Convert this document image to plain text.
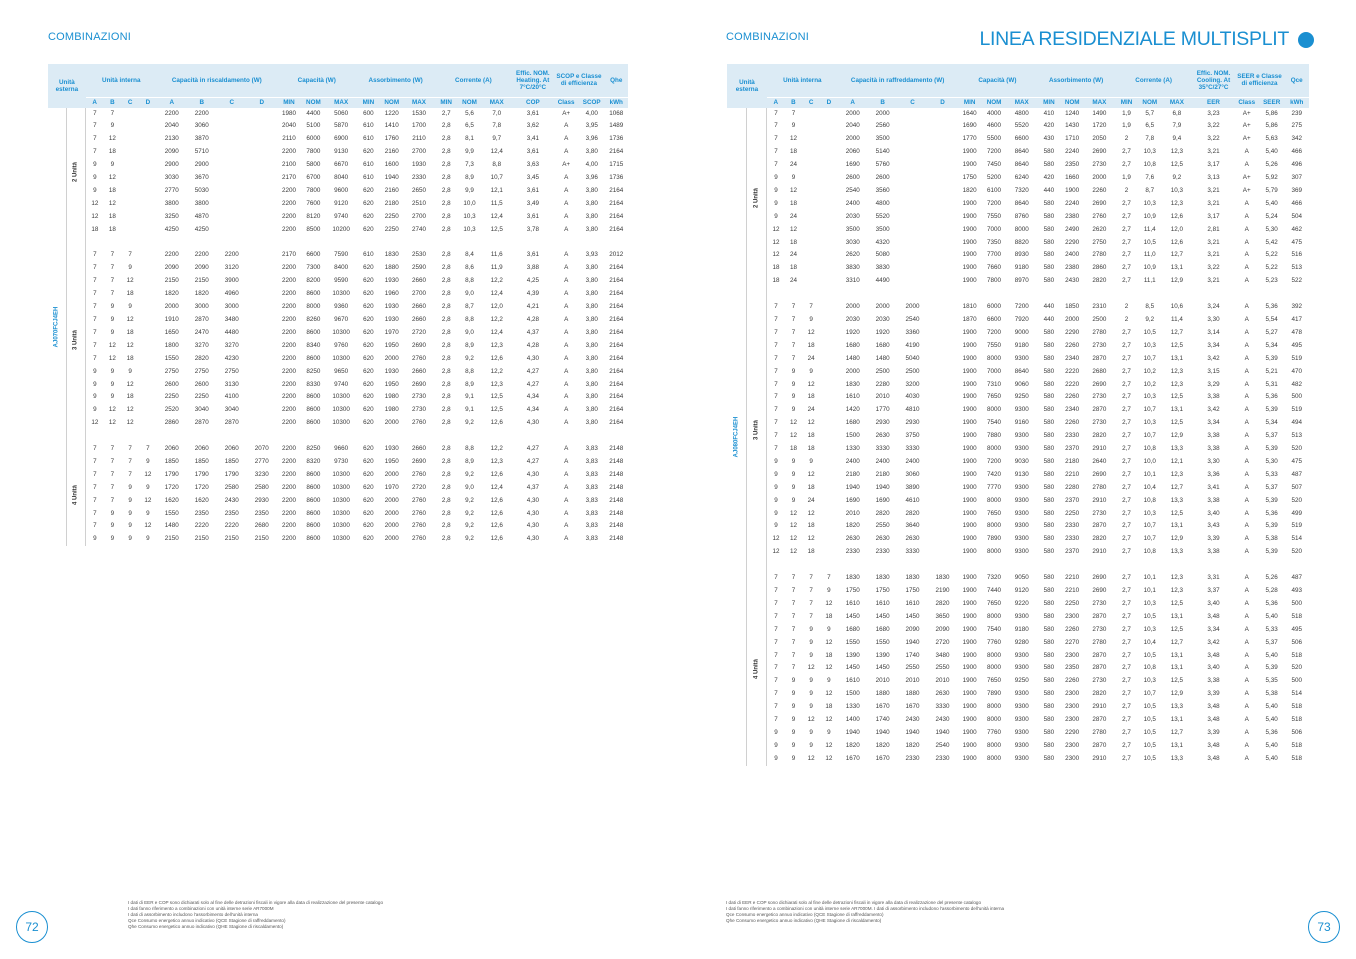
COMBINAZIONI
Unità esterna		Unità interna				Capacità in riscaldamento (W)				Capacità (W)			Assorbimento (W)			Corrente (A)			Effic. NOM. Heating. At 7°C/20°C	SCOP e Classe di efficienza		Qhe
		A	B	C	D	A	B	C	D	MIN	NOM	MAX	MIN	NOM	MAX	MIN	NOM	MAX	COP	Class	SCOP	kWh

AJ070FCJ4EH	2 Unità	7	7			2200	2200			1980	4400	5060	600	1220	1530	2,7	5,6	7,0	3,61	A+	4,00	1068
		7	9			2040	3060			2040	5100	5870	610	1410	1700	2,8	6,5	7,8	3,62	A	3,95	1489
		7	12			2130	3870			2110	6000	6900	610	1760	2110	2,8	8,1	9,7	3,41	A	3,96	1736
		7	18			2090	5710			2200	7800	9130	620	2160	2700	2,8	9,9	12,4	3,61	A	3,80	2164
		9	9			2900	2900			2100	5800	6670	610	1600	1930	2,8	7,3	8,8	3,63	A+	4,00	1715
		9	12			3030	3670			2170	6700	8040	610	1940	2330	2,8	8,9	10,7	3,45	A	3,96	1736
		9	18			2770	5030			2200	7800	9600	620	2160	2650	2,8	9,9	12,1	3,61	A	3,80	2164
		12	12			3800	3800			2200	7600	9120	620	2180	2510	2,8	10,0	11,5	3,49	A	3,80	2164
		12	18			3250	4870			2200	8120	9740	620	2250	2700	2,8	10,3	12,4	3,61	A	3,80	2164
		18	18			4250	4250			2200	8500	10200	620	2250	2740	2,8	10,3	12,5	3,78	A	3,80	2164

	3 Unità	7	7	7		2200	2200	2200		2170	6600	7590	610	1830	2530	2,8	8,4	11,6	3,61	A	3,93	2012
		7	7	9		2090	2090	3120		2200	7300	8400	620	1880	2590	2,8	8,6	11,9	3,88	A	3,80	2164
		7	7	12		2150	2150	3900		2200	8200	9590	620	1930	2660	2,8	8,8	12,2	4,25	A	3,80	2164
		7	7	18		1820	1820	4960		2200	8600	10300	620	1960	2700	2,8	9,0	12,4	4,39	A	3,80	2164
		7	9	9		2000	3000	3000		2200	8000	9360	620	1930	2660	2,8	8,7	12,0	4,21	A	3,80	2164
		7	9	12		1910	2870	3480		2200	8260	9670	620	1930	2660	2,8	8,8	12,2	4,28	A	3,80	2164
		7	9	18		1650	2470	4480		2200	8600	10300	620	1970	2720	2,8	9,0	12,4	4,37	A	3,80	2164
		7	12	12		1800	3270	3270		2200	8340	9760	620	1950	2690	2,8	8,9	12,3	4,28	A	3,80	2164
		7	12	18		1550	2820	4230		2200	8600	10300	620	2000	2760	2,8	9,2	12,6	4,30	A	3,80	2164
		9	9	9		2750	2750	2750		2200	8250	9650	620	1930	2660	2,8	8,8	12,2	4,27	A	3,80	2164
		9	9	12		2600	2600	3130		2200	8330	9740	620	1950	2690	2,8	8,9	12,3	4,27	A	3,80	2164
		9	9	18		2250	2250	4100		2200	8600	10300	620	1980	2730	2,8	9,1	12,5	4,34	A	3,80	2164
		9	12	12		2520	3040	3040		2200	8600	10300	620	1980	2730	2,8	9,1	12,5	4,34	A	3,80	2164
		12	12	12		2860	2870	2870		2200	8600	10300	620	2000	2760	2,8	9,2	12,6	4,30	A	3,80	2164

	4 Unità	7	7	7	7	2060	2060	2060	2070	2200	8250	9660	620	1930	2660	2,8	8,8	12,2	4,27	A	3,83	2148
		7	7	7	9	1850	1850	1850	2770	2200	8320	9730	620	1950	2690	2,8	8,9	12,3	4,27	A	3,83	2148
		7	7	7	12	1790	1790	1790	3230	2200	8600	10300	620	2000	2760	2,8	9,2	12,6	4,30	A	3,83	2148
		7	7	9	9	1720	1720	2580	2580	2200	8600	10300	620	1970	2720	2,8	9,0	12,4	4,37	A	3,83	2148
		7	7	9	12	1620	1620	2430	2930	2200	8600	10300	620	2000	2760	2,8	9,2	12,6	4,30	A	3,83	2148
		7	9	9	9	1550	2350	2350	2350	2200	8600	10300	620	2000	2760	2,8	9,2	12,6	4,30	A	3,83	2148
		7	9	9	12	1480	2220	2220	2680	2200	8600	10300	620	2000	2760	2,8	9,2	12,6	4,30	A	3,83	2148
		9	9	9	9	2150	2150	2150	2150	2200	8600	10300	620	2000	2760	2,8	9,2	12,6	4,30	A	3,83	2148

I dati di EER e COP sono dichiarati solo al fine delle detrazioni fiscali in vigore alla data di realizzazione del presente catalogo

I dati fanno riferimento a combinazioni con unità interne serie AR7000M

I dati di assorbimento includono l'assorbimento dell'unità interna

Qce Consumo energetico annuo indicativo (QCE Stagione di raffreddamento)

Qhe Consumo energetico annuo indicativo (QHE Stagione di riscaldamento)

72
COMBINAZIONI	LINEA RESIDENZIALE MULTISPLIT
Unità esterna		Unità interna				Capacità in raffreddamento (W)				Capacità (W)			Assorbimento (W)			Corrente (A)			Effic. NOM. Cooling. At 35°C/27°C	SEER e Classe di efficienza		Qce
		A	B	C	D	A	B	C	D	MIN	NOM	MAX	MIN	NOM	MAX	MIN	NOM	MAX	EER	Class	SEER	kWh

AJ080FCJ4EH	2 Unità	7	7			2000	2000			1640	4000	4800	410	1240	1490	1,9	5,7	6,8	3,23	A+	5,86	239
		7	9			2040	2560			1690	4600	5520	420	1430	1720	1,9	6,5	7,9	3,22	A+	5,86	275
		7	12			2000	3500			1770	5500	6600	430	1710	2050	2	7,8	9,4	3,22	A+	5,63	342
		7	18			2060	5140			1900	7200	8640	580	2240	2690	2,7	10,3	12,3	3,21	A	5,40	466
		7	24			1690	5760			1900	7450	8640	580	2350	2730	2,7	10,8	12,5	3,17	A	5,26	496
		9	9			2600	2600			1750	5200	6240	420	1660	2000	1,9	7,6	9,2	3,13	A+	5,92	307
		9	12			2540	3560			1820	6100	7320	440	1900	2260	2	8,7	10,3	3,21	A+	5,79	369
		9	18			2400	4800			1900	7200	8640	580	2240	2690	2,7	10,3	12,3	3,21	A	5,40	466
		9	24			2030	5520			1900	7550	8760	580	2380	2760	2,7	10,9	12,6	3,17	A	5,24	504
		12	12			3500	3500			1900	7000	8000	580	2490	2620	2,7	11,4	12,0	2,81	A	5,30	462
		12	18			3030	4320			1900	7350	8820	580	2290	2750	2,7	10,5	12,6	3,21	A	5,42	475
		12	24			2620	5080			1900	7700	8930	580	2400	2780	2,7	11,0	12,7	3,21	A	5,22	516
		18	18			3830	3830			1900	7660	9180	580	2380	2860	2,7	10,9	13,1	3,22	A	5,22	513
		18	24			3310	4490			1900	7800	8970	580	2430	2820	2,7	11,1	12,9	3,21	A	5,23	522

	3 Unità	7	7	7		2000	2000	2000		1810	6000	7200	440	1850	2310	2	8,5	10,6	3,24	A	5,36	392
		7	7	9		2030	2030	2540		1870	6600	7920	440	2000	2500	2	9,2	11,4	3,30	A	5,54	417
		7	7	12		1920	1920	3360		1900	7200	9000	580	2290	2780	2,7	10,5	12,7	3,14	A	5,27	478
		7	7	18		1680	1680	4190		1900	7550	9180	580	2260	2730	2,7	10,3	12,5	3,34	A	5,34	495
		7	7	24		1480	1480	5040		1900	8000	9300	580	2340	2870	2,7	10,7	13,1	3,42	A	5,39	519
		7	9	9		2000	2500	2500		1900	7000	8640	580	2220	2680	2,7	10,2	12,3	3,15	A	5,21	470
		7	9	12		1830	2280	3200		1900	7310	9060	580	2220	2690	2,7	10,2	12,3	3,29	A	5,31	482
		7	9	18		1610	2010	4030		1900	7650	9250	580	2260	2730	2,7	10,3	12,5	3,38	A	5,36	500
		7	9	24		1420	1770	4810		1900	8000	9300	580	2340	2870	2,7	10,7	13,1	3,42	A	5,39	519
		7	12	12		1680	2930	2930		1900	7540	9160	580	2260	2730	2,7	10,3	12,5	3,34	A	5,34	494
		7	12	18		1500	2630	3750		1900	7880	9300	580	2330	2820	2,7	10,7	12,9	3,38	A	5,37	513
		7	18	18		1330	3330	3330		1900	8000	9300	580	2370	2910	2,7	10,8	13,3	3,38	A	5,39	520
		9	9	9		2400	2400	2400		1900	7200	9030	580	2180	2640	2,7	10,0	12,1	3,30	A	5,30	475
		9	9	12		2180	2180	3060		1900	7420	9130	580	2210	2690	2,7	10,1	12,3	3,36	A	5,33	487
		9	9	18		1940	1940	3890		1900	7770	9300	580	2280	2780	2,7	10,4	12,7	3,41	A	5,37	507
		9	9	24		1690	1690	4610		1900	8000	9300	580	2370	2910	2,7	10,8	13,3	3,38	A	5,39	520
		9	12	12		2010	2820	2820		1900	7650	9300	580	2250	2730	2,7	10,3	12,5	3,40	A	5,36	499
		9	12	18		1820	2550	3640		1900	8000	9300	580	2330	2870	2,7	10,7	13,1	3,43	A	5,39	519
		12	12	12		2630	2630	2630		1900	7890	9300	580	2330	2820	2,7	10,7	12,9	3,39	A	5,38	514
		12	12	18		2330	2330	3330		1900	8000	9300	580	2370	2910	2,7	10,8	13,3	3,38	A	5,39	520

	4 Unità	7	7	7	7	1830	1830	1830	1830	1900	7320	9050	580	2210	2690	2,7	10,1	12,3	3,31	A	5,26	487
		7	7	7	9	1750	1750	1750	2190	1900	7440	9120	580	2210	2690	2,7	10,1	12,3	3,37	A	5,28	493
		7	7	7	12	1610	1610	1610	2820	1900	7650	9220	580	2250	2730	2,7	10,3	12,5	3,40	A	5,36	500
		7	7	7	18	1450	1450	1450	3650	1900	8000	9300	580	2300	2870	2,7	10,5	13,1	3,48	A	5,40	518
		7	7	9	9	1680	1680	2090	2090	1900	7540	9180	580	2260	2730	2,7	10,3	12,5	3,34	A	5,33	495
		7	7	9	12	1550	1550	1940	2720	1900	7760	9280	580	2270	2780	2,7	10,4	12,7	3,42	A	5,37	506
		7	7	9	18	1390	1390	1740	3480	1900	8000	9300	580	2300	2870	2,7	10,5	13,1	3,48	A	5,40	518
		7	7	12	12	1450	1450	2550	2550	1900	8000	9300	580	2350	2870	2,7	10,8	13,1	3,40	A	5,39	520
		7	9	9	9	1610	2010	2010	2010	1900	7650	9250	580	2260	2730	2,7	10,3	12,5	3,38	A	5,35	500
		7	9	9	12	1500	1880	1880	2630	1900	7890	9300	580	2300	2820	2,7	10,7	12,9	3,39	A	5,38	514
		7	9	9	18	1330	1670	1670	3330	1900	8000	9300	580	2300	2910	2,7	10,5	13,3	3,48	A	5,40	518
		7	9	12	12	1400	1740	2430	2430	1900	8000	9300	580	2300	2870	2,7	10,5	13,1	3,48	A	5,40	518
		9	9	9	9	1940	1940	1940	1940	1900	7760	9300	580	2290	2780	2,7	10,5	12,7	3,39	A	5,36	506
		9	9	9	12	1820	1820	1820	2540	1900	8000	9300	580	2300	2870	2,7	10,5	13,1	3,48	A	5,40	518
		9	9	12	12	1670	1670	2330	2330	1900	8000	9300	580	2300	2910	2,7	10,5	13,3	3,48	A	5,40	518

I dati di EER e COP sono dichiarati solo al fine delle detrazioni fiscali in vigore alla data di realizzazione del presente catalogo

I dati fanno riferimento a combinazioni con unità interne serie AR7000M. I dati di assorbimento includono l'assorbimento dell'unità interna

Qce Consumo energetico annuo indicativo (QCE Stagione di raffreddamento)

Qhe Consumo energetico annuo indicativo (QHE Stagione di riscaldamento)	73
